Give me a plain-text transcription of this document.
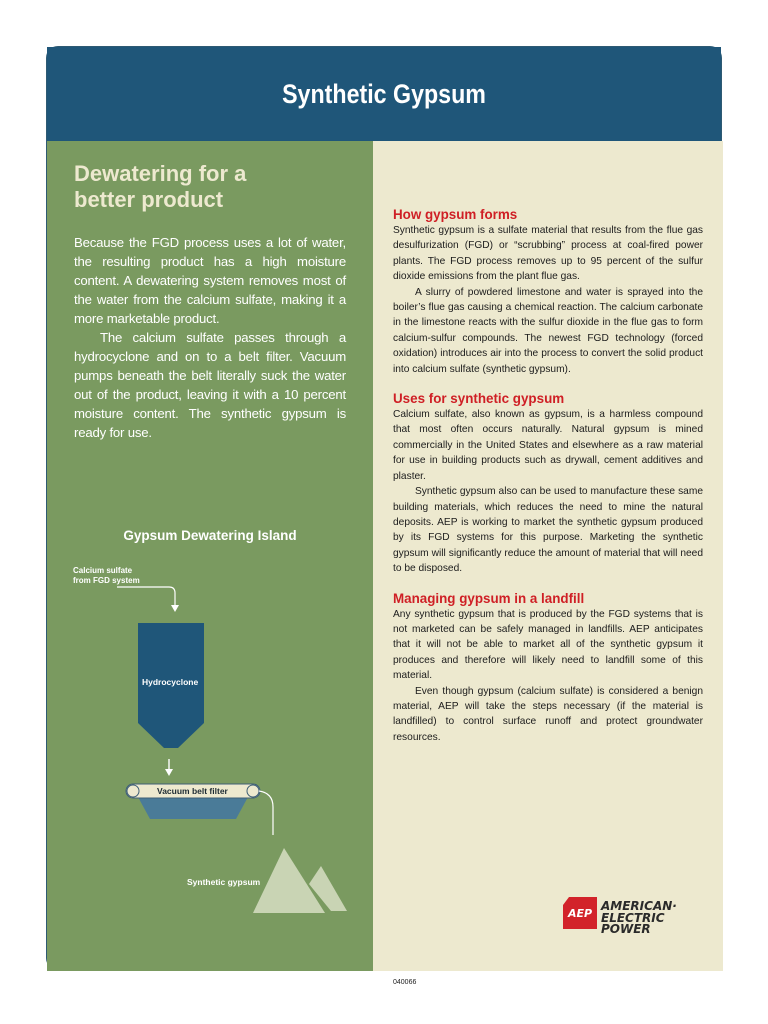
Synthetic Gypsum
Dewatering for a
better product

Because the FGD process uses a lot of water, the resulting product has a high moisture content. A dewatering system removes most of the water from the calcium sulfate, making it a more marketable product.

The calcium sulfate passes through a hydrocyclone and on to a belt filter. Vacuum pumps beneath the belt literally suck the water out of the product, leaving it with a 10 percent moisture content. The synthetic gypsum is ready for use.

Gypsum Dewatering Island
Calcium sulfate
from FGD system
Hydrocyclone
Vacuum belt filter
Synthetic gypsum
How gypsum forms

Synthetic gypsum is a sulfate material that results from the flue gas desulfurization (FGD) or “scrubbing” process at coal-fired power plants. The FGD process removes up to 95 percent of the sulfur dioxide emissions from the plant flue gas.

A slurry of powdered limestone and water is sprayed into the boiler’s flue gas causing a chemical reaction. The calcium carbonate in the limestone reacts with the sulfur dioxide in the flue gas to form calcium-sulfur compounds. The newest FGD technology (forced oxidation) introduces air into the process to convert the solid product into calcium sulfate (synthetic gypsum).

Uses for synthetic gypsum

Calcium sulfate, also known as gypsum, is a harmless compound that most often occurs naturally. Natural gypsum is mined commercially in the United States and elsewhere as a raw material for use in building products such as drywall, cement additives and plaster.

Synthetic gypsum also can be used to manufacture these same building materials, which reduces the need to mine the natural deposits. AEP is working to market the synthetic gypsum produced by its FGD systems for this purpose. Marketing the synthetic gypsum will significantly reduce the amount of material that will need to be disposed.

Managing gypsum in a landfill

Any synthetic gypsum that is produced by the FGD systems that is not marketed can be safely managed in landfills. AEP anticipates that it will not be able to market all of the synthetic gypsum it produces and therefore will likely need to landfill some of this material.

Even though gypsum (calcium sulfate) is considered a benign material, AEP will take the steps necessary (if the material is landfilled) to control surface runoff and protect groundwater resources.

040066
AEP
AMERICAN·
ELECTRIC
POWER
